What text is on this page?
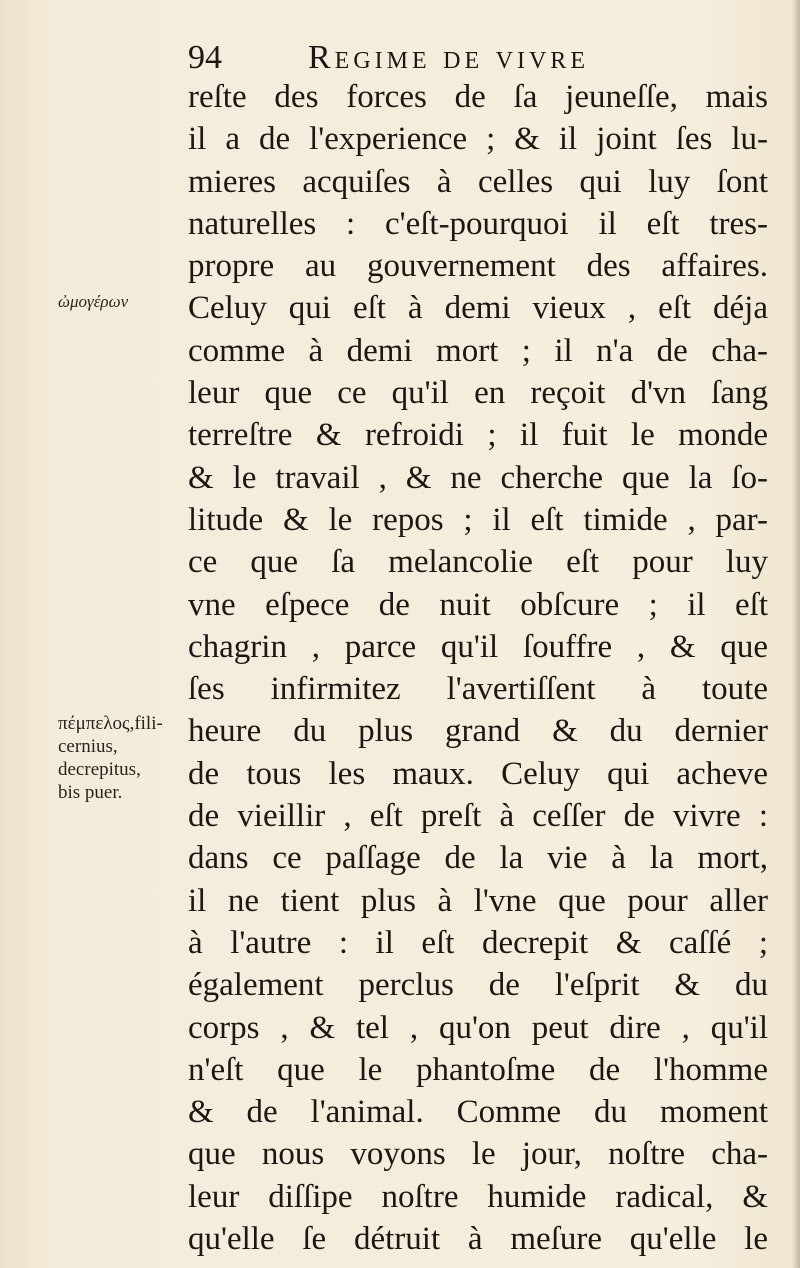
94	Regime de vivre
ὠμογέρων
πέμπελος,fili-
cernius,
decrepitus,
bis puer.
reſte des forces de ſa jeuneſſe, mais
il a de l'experience ; & il joint ſes lu-
mieres acquiſes à celles qui luy ſont
naturelles : c'eſt-pourquoi il eſt tres-
propre au gouvernement des affaires.
Celuy qui eſt à demi vieux , eſt déja
comme à demi mort ; il n'a de cha-
leur que ce qu'il en reçoit d'vn ſang
terreſtre & refroidi ; il fuit le monde
& le travail , & ne cherche que la ſo-
litude & le repos ; il eſt timide , par-
ce que ſa melancolie eſt pour luy
vne eſpece de nuit obſcure ; il eſt
chagrin , parce qu'il ſouffre , & que
ſes infirmitez l'avertiſſent à toute
heure du plus grand & du dernier
de tous les maux. Celuy qui acheve
de vieillir , eſt preſt à ceſſer de vivre :
dans ce paſſage de la vie à la mort,
il ne tient plus à l'vne que pour aller
à l'autre : il eſt decrepit & caſſé ;
également perclus de l'eſprit & du
corps , & tel , qu'on peut dire , qu'il
n'eſt que le phantoſme de l'homme
& de l'animal. Comme du moment
que nous voyons le jour, noſtre cha-
leur diſſipe noſtre humide radical, &
qu'elle ſe détruit à meſure qu'elle le
